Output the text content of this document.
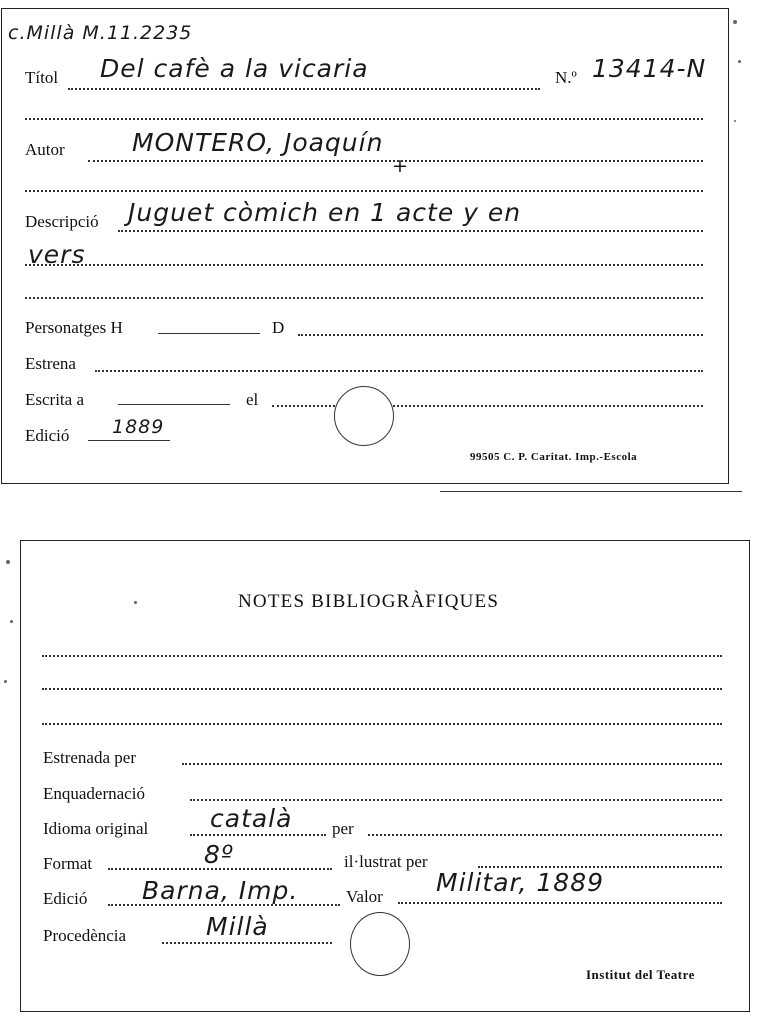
c.Millà M.11.2235
Títol Del cafè a la vicaria	N.º 13414-N
Autor	MONTERO, Joaquín
+
Descripció Juguet còmich en 1 acte y en
vers
Personatges H	D
Estrena
Escrita a	el
Edició 1889
99505 C. P. Caritat. Imp.-Escola
NOTES BIBLIOGRÀFIQUES
Estrenada per
Enquadernació
Idioma original català per
Format	8º	il·lustrat per
Edició Barna, Imp.	Valor Militar, 1889
Procedència	Millà
Institut del Teatre
